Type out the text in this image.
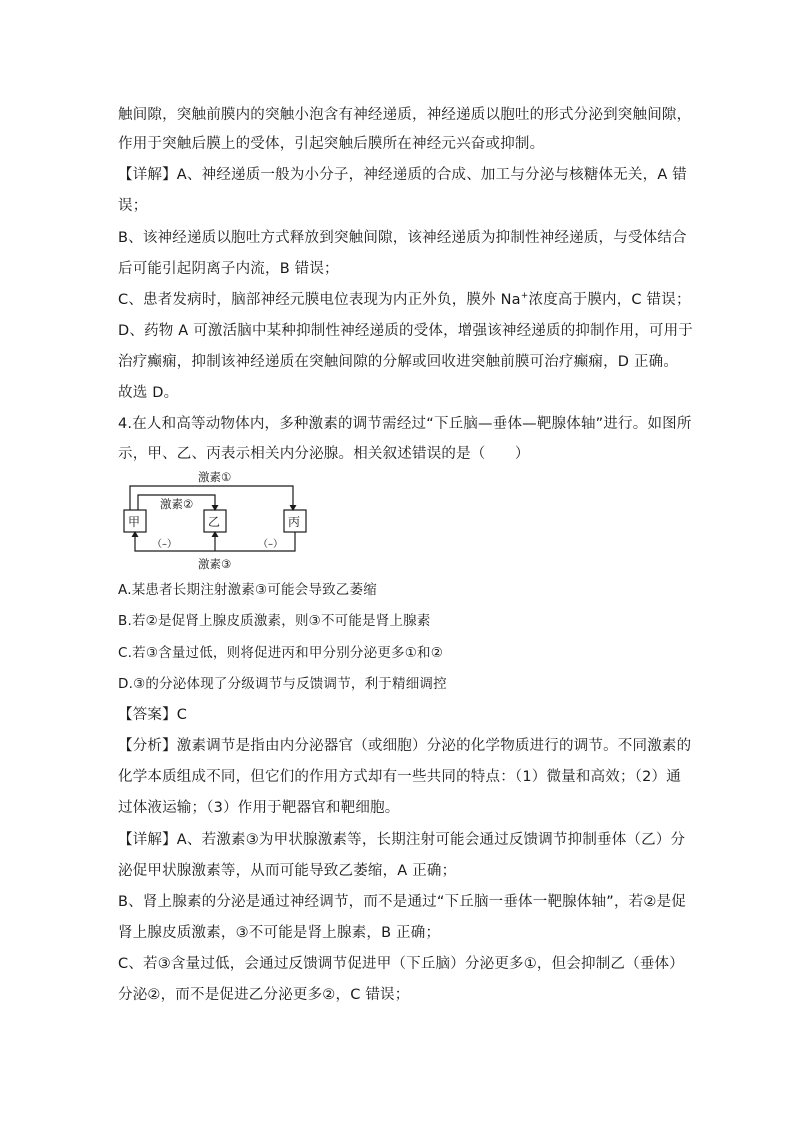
触间隙，突触前膜内的突触小泡含有神经递质，神经递质以胞吐的形式分泌到突触间隙，
作用于突触后膜上的受体，引起突触后膜所在神经元兴奋或抑制。
【详解】A、神经递质一般为小分子，神经递质的合成、加工与分泌与核糖体无关，A 错
误；
B、该神经递质以胞吐方式释放到突触间隙，该神经递质为抑制性神经递质，与受体结合
后可能引起阴离子内流，B 错误；
C、患者发病时，脑部神经元膜电位表现为内正外负，膜外 Na+浓度高于膜内，C 错误；
D、药物 A 可激活脑中某种抑制性神经递质的受体，增强该神经递质的抑制作用，可用于
治疗癫痫，抑制该神经递质在突触间隙的分解或回收进突触前膜可治疗癫痫，D 正确。
故选 D。
4.在人和高等动物体内，多种激素的调节需经过“下丘脑—垂体—靶腺体轴”进行。如图所
示，甲、乙、丙表示相关内分泌腺。相关叙述错误的是（　　）
激素①
激素②
激素③
甲	乙	丙
（–）	（–）
A.某患者长期注射激素③可能会导致乙萎缩
B.若②是促肾上腺皮质激素，则③不可能是肾上腺素
C.若③含量过低，则将促进丙和甲分别分泌更多①和②
D.③的分泌体现了分级调节与反馈调节，利于精细调控
【答案】C
【分析】激素调节是指由内分泌器官（或细胞）分泌的化学物质进行的调节。不同激素的
化学本质组成不同，但它们的作用方式却有一些共同的特点：（1）微量和高效；（2）通
过体液运输；（3）作用于靶器官和靶细胞。
【详解】A、若激素③为甲状腺激素等，长期注射可能会通过反馈调节抑制垂体（乙）分
泌促甲状腺激素等，从而可能导致乙萎缩，A 正确；
B、肾上腺素的分泌是通过神经调节，而不是通过“下丘脑一垂体一靶腺体轴”，若②是促
肾上腺皮质激素，③不可能是肾上腺素，B 正确；
C、若③含量过低，会通过反馈调节促进甲（下丘脑）分泌更多①，但会抑制乙（垂体）
分泌②，而不是促进乙分泌更多②，C 错误；
